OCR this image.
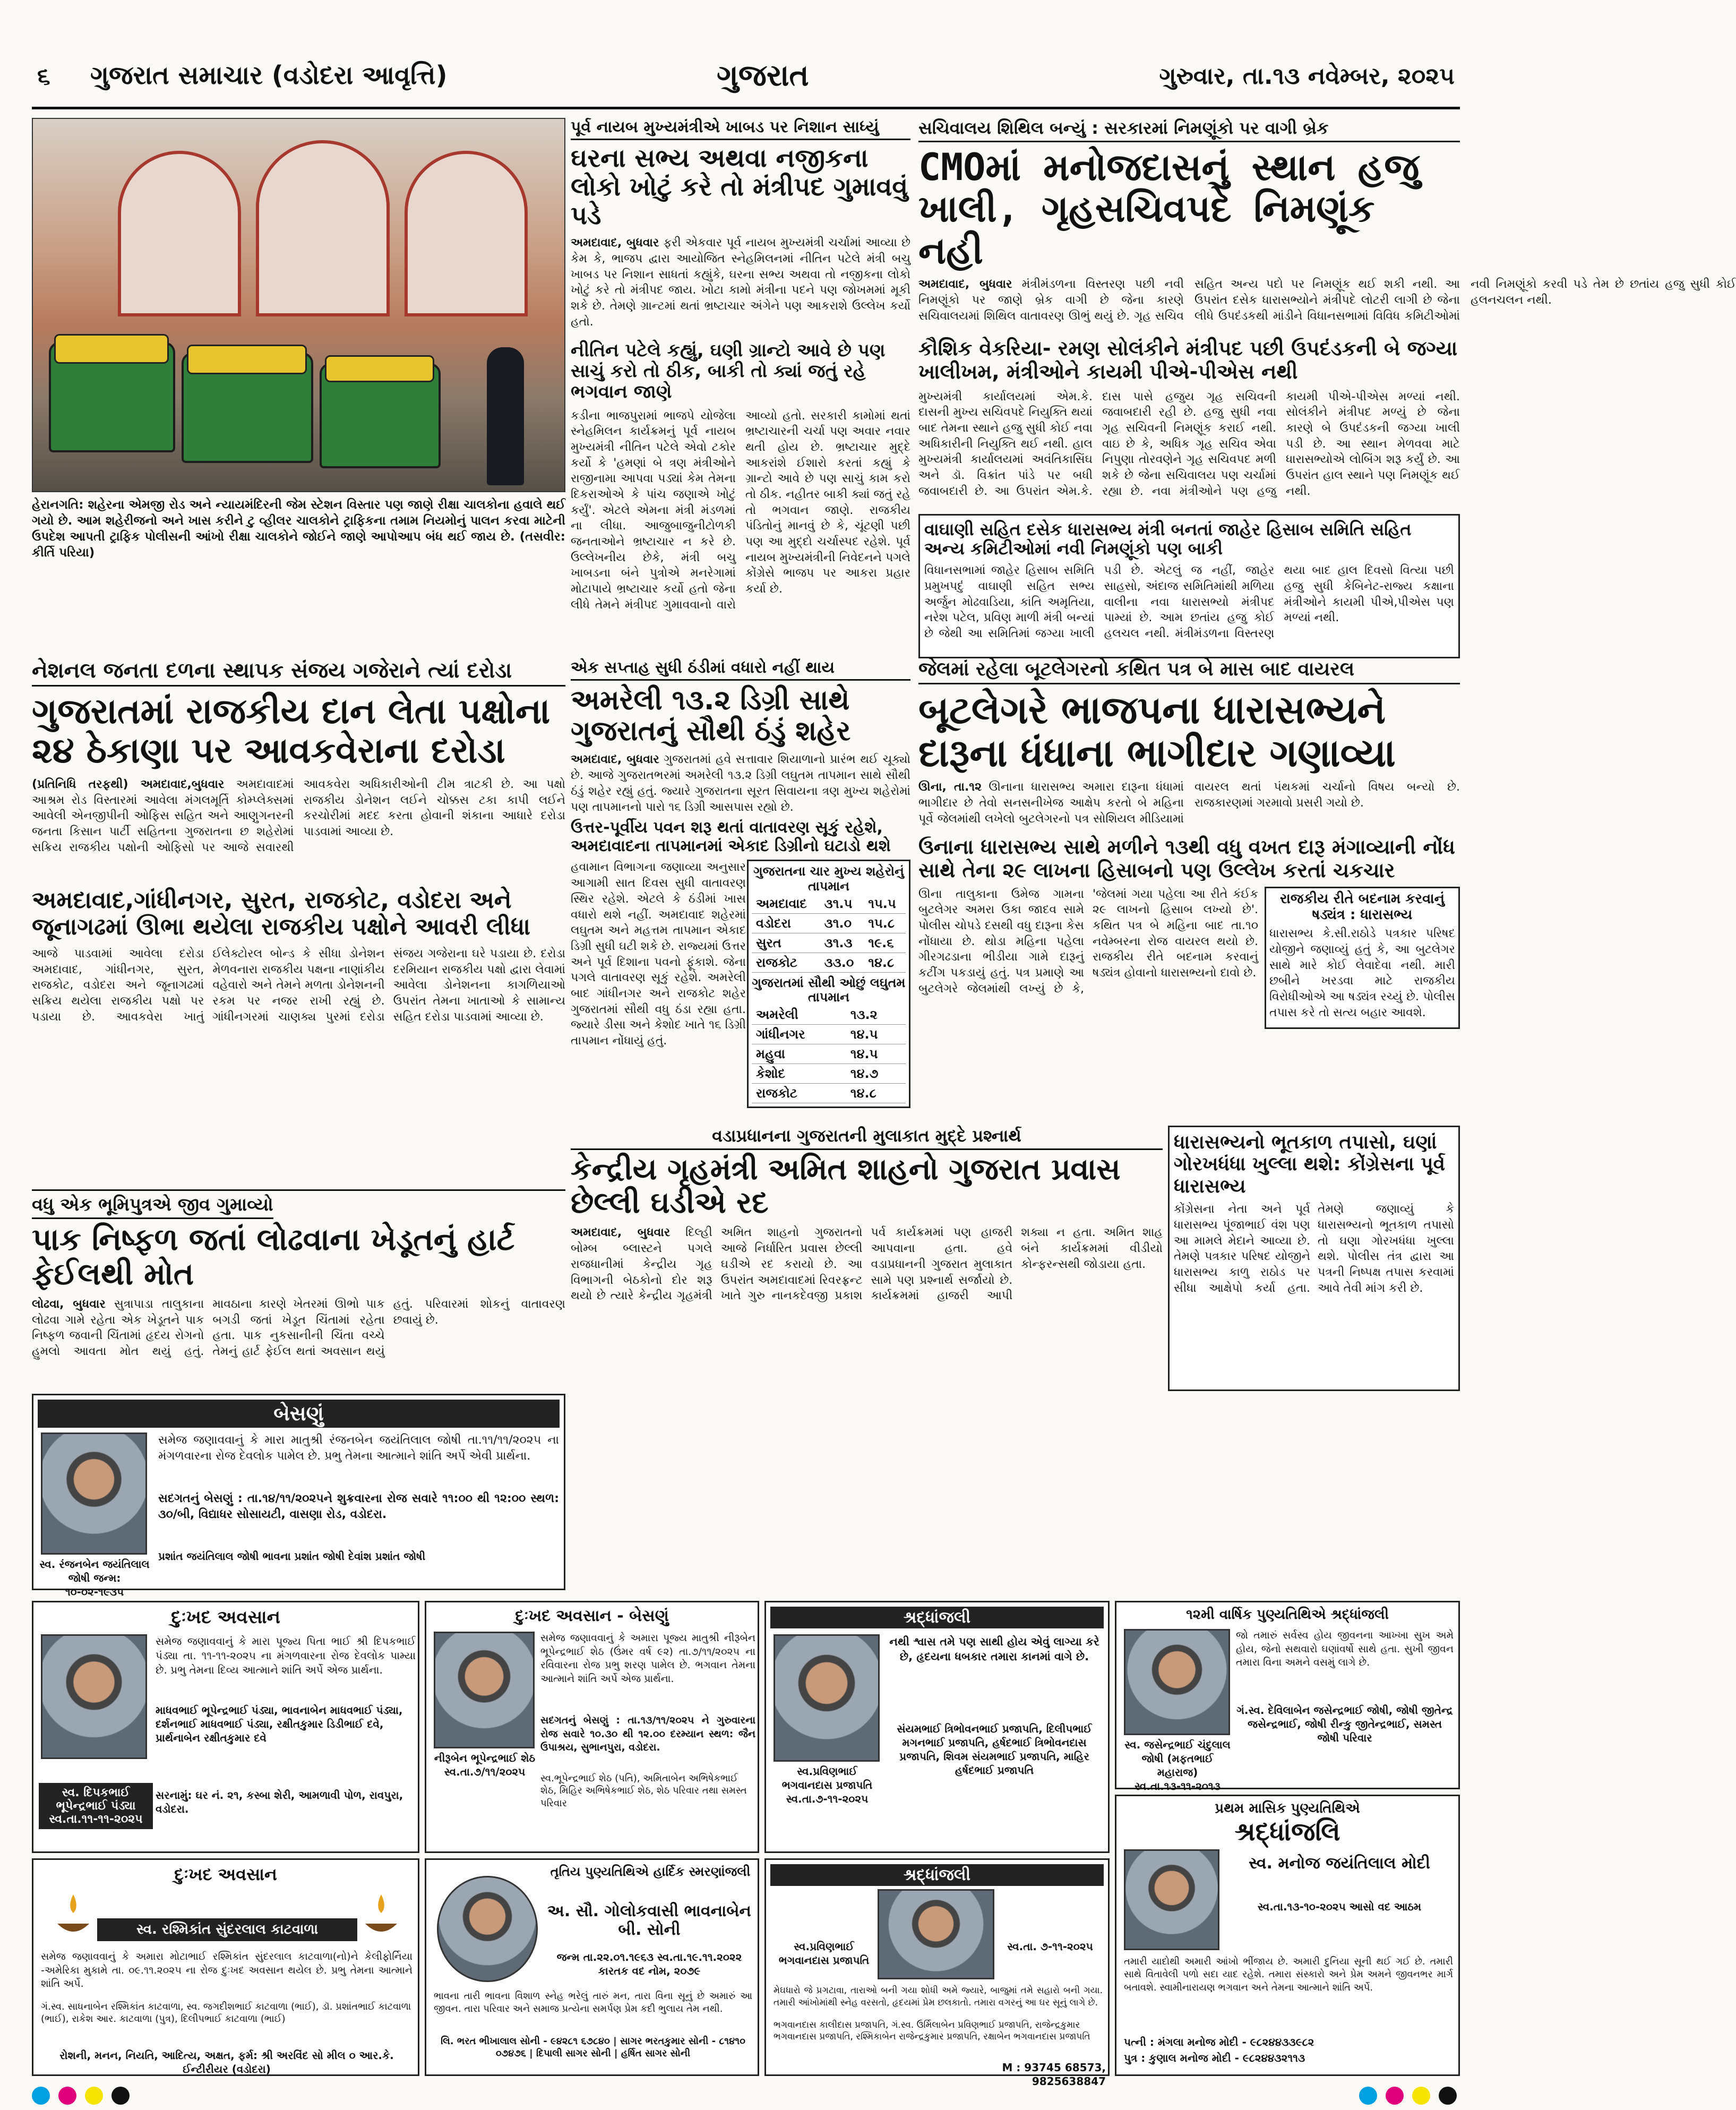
૬ ગુજરાત સમાચાર (વડોદરા આવૃત્તિ)	ગુજરાત	ગુરુવાર, તા.૧૩ નવેમ્બર, ૨૦૨૫
હેરાનગતિ: શહેરના એમજી રોડ અને ન્યાયમંદિરની જેમ સ્ટેશન વિસ્તાર પણ જાણે રીક્ષા ચાલકોના હવાલે થઈ ગયો છે. આમ શહેરીજનો અને ખાસ કરીને ટુ વ્હીલર ચાલકોને ટ્રાફિકના તમામ નિયમોનું પાલન કરવા માટેની ઉપદેશ આપતી ટ્રાફિક પોલીસની આંખો રીક્ષા ચાલકોને જોઈને જાણે આપોઆપ બંધ થઈ જાય છે. (તસવીર: કીર્તિ પરિયા)
પૂર્વ નાયબ મુખ્યમંત્રીએ ખાબડ પર નિશાન સાધ્યું
ઘરના સભ્ય અથવા નજીકના લોકો ખોટું કરે તો મંત્રીપદ ગુમાવવું પડે
અમદાવાદ, બુધવાર ફરી એકવાર પૂર્વ નાયબ મુખ્યમંત્રી ચર્ચામાં આવ્યા છે કેમ કે, ભાજપ દ્વારા આયોજિત સ્નેહમિલનમાં નીતિન પટેલે મંત્રી બચુ ખાબડ પર નિશાન સાધતાં કહ્યુંકે, ઘરના સભ્ય અથવા તો નજીકના લોકો ખોટું કરે તો મંત્રીપદ જાય. ખોટા કામો મંત્રીના પદને પણ જોખમમાં મૂકી શકે છે. તેમણે ગ્રાન્ટમાં થતાં ભ્રષ્ટાચાર અંગેને પણ આકરાશે ઉલ્લેખ કર્યો હતો.
નીતિન પટેલે કહ્યું, ઘણી ગ્રાન્ટો આવે છે પણ સાચું કરો તો ઠીક, બાકી તો ક્યાં જતું રહે ભગવાન જાણે
કડીના ભાજપુરામાં ભાજપે યોજેલા સ્નેહમિલન કાર્યક્રમનું પૂર્વ નાયબ મુખ્યમંત્રી નીતિન પટેલે એવો ટકોર કર્યો કે 'હમણાં બે ત્રણ મંત્રીઓને રાજીનામા આપવા પડ્યાં કેમ તેમના દિકરાઓએ કે પાંચ જણાએ ખોટું કર્યું'. એટલે એમના મંત્રી મંડળમાં ના લીધા. આજુબાજુનીટોળકી જનતાઓને ભ્રષ્ટાચાર ન કરે છે. ઉલ્લેખનીય છેકે, મંત્રી બચુ ખાબડના બંને પુત્રોએ મનરેગામાં મોટાપાયે ભ્રષ્ટાચાર કર્યો હતો જેના લીધે તેમને મંત્રીપદ ગુમાવવાનો વારો આવ્યો હતો. સરકારી કામોમાં થતાં ભ્રષ્ટાચારની ચર્ચા પણ અવાર નવાર થતી હોય છે. ભ્રષ્ટાચાર મુદ્દે આકરાંશે ઈશારો કરતાં કહ્યું કે ગ્રાન્ટો આવે છે પણ સાચું કામ કરો તો ઠીક. નહીતર બાકી ક્યાં જતું રહે તો ભગવાન જાણે. રાજકીય પંડિતોનું માનવું છે કે, ચૂંટણી પછી પણ આ મુદ્દો ચર્ચાસ્પદ રહેશે. પૂર્વ નાયબ મુખ્યમંત્રીની નિવેદનને પગલે કોંગ્રેસે ભાજપ પર આકરા પ્રહાર કર્યા છે.
સચિવાલય શિથિલ બન્યું : સરકારમાં નિમણૂંકો પર વાગી બ્રેક
CMOમાં મનોજદાસનું સ્થાન હજુ ખાલી, ગૃહસચિવપદે નિમણૂંક નહી
અમદાવાદ, બુધવાર મંત્રીમંડળના વિસ્તરણ પછી નવી નિમણૂંકો પર જાણે બ્રેક વાગી છે જેના કારણે સચિવાલયમાં શિથિલ વાતાવરણ ઊભું થયું છે. ગૃહ સચિવ સહિત અન્ય પદો પર નિમણૂંક થઈ શકી નથી. આ ઉપરાંત દસેક ધારાસભ્યોને મંત્રીપદે લોટરી લાગી છે જેના લીધે ઉપદંડકથી માંડીને વિધાનસભામાં વિવિધ કમિટીઓમાં નવી નિમણૂંકો કરવી પડે તેમ છે છતાંય હજુ સુધી કોઈ હલનચલન નથી.
કૌશિક વેકરિયા- રમણ સોલંકીને મંત્રીપદ પછી ઉપદંડકની બે જગ્યા ખાલીખમ, મંત્રીઓને કાયમી પીએ-પીએસ નથી
મુખ્યમંત્રી કાર્યાલયમાં એમ.કે. દાસની મુખ્ય સચિવપદે નિયુક્તિ થયાં બાદ તેમના સ્થાને હજુ સુધી કોઈ નવા અધિકારીની નિયુક્તિ થઈ નથી. હાલ મુખ્યમંત્રી કાર્યાલયમાં અવંતિકાસિંઘ અને ડૉ. વિક્રાંત પાંડે પર બધી જવાબદારી છે. આ ઉપરાંત એમ.કે. દાસ પાસે હજુય ગૃહ સચિવની જવાબદારી રહી છે. હજુ સુધી નવા ગૃહ સચિવની નિમણૂંક કરાઈ નથી. વાઇ છે કે, અધિક ગૃહ સચિવ એવા નિપુણા તોરવણેને ગૃહ સચિવપદ મળી શકે છે જેના સચિવાલય પણ ચર્ચામાં રહ્યા છે. નવા મંત્રીઓને પણ હજુ કાયમી પીએ-પીએસ મળ્યાં નથી. સોલંકીને મંત્રીપદ મળ્યું છે જેના કારણે બે ઉપદંડકની જગ્યા ખાલી પડી છે. આ સ્થાન મેળવવા માટે ધારાસભ્યોએ લોબિંગ શરૂ કર્યું છે. આ ઉપરાંત હાલ સ્થાને પણ નિમણૂંક થઈ નથી.
વાઘાણી સહિત દસેક ધારાસભ્ય મંત્રી બનતાં જાહેર હિસાબ સમિતિ સહિત અન્ય કમિટીઓમાં નવી નિમણૂંકો પણ બાકી
વિધાનસભામાં જાહેર હિસાબ સમિતિ પ્રમુખપદું વાઘાણી સહિત સભ્ય અર્જુન મોઢવાડિયા, કાંતિ અમૃતિયા, નરેશ પટેલ, પ્રવિણ માળી મંત્રી બન્યાં છે જેથી આ સમિતિમાં જગ્યા ખાલી પડી છે. એટલું જ નહીં, જાહેર સાહસો, અંદાજ સમિતિમાંથી મળિયા વાલીના નવા ધારાસભ્યો મંત્રીપદ પામ્યાં છે. આમ છતાંય હજુ કોઈ હલચલ નથી. મંત્રીમંડળના વિસ્તરણ થયા બાદ હાલ દિવસો વિત્યા પછી હજુ સુધી કેબિનેટ-રાજ્ય કક્ષાના મંત્રીઓને કાયમી પીએ,પીએસ પણ મળ્યાં નથી.
નેશનલ જનતા દળના સ્થાપક સંજય ગજેરાને ત્યાં દરોડા
ગુજરાતમાં રાજકીય દાન લેતા પક્ષોના ૨૪ ઠેકાણા પર આવકવેરાના દરોડા
(પ્રતિનિધિ તરફથી) અમદાવાદ,બુધવાર અમદાવાદમાં આશ્રમ રોડ વિસ્તારમાં આવેલા મંગલમૂર્તિ કોમ્પ્લેક્સમાં આવેલી એનજીપીની ઓફિસ સહિત અને આણુગનરની જનતા કિસાન પાર્ટી સહિતના ગુજરાતના છ શહેરોમાં સક્રિય રાજકીય પક્ષોની ઓફિસો પર આજે સવારથી આવકવેરા અધિકારીઓની ટીમ ત્રાટકી છે. આ પક્ષો રાજકીય ડોનેશન લઈને ચોક્કસ ટકા કાપી લઈને કરચોરીમાં મદદ કરતા હોવાની શંકાના આધારે દરોડા પાડવામાં આવ્યા છે.
અમદાવાદ,ગાંધીનગર, સુરત, રાજકોટ, વડોદરા અને જૂનાગઢમાં ઊભા થયેલા રાજકીય પક્ષોને આવરી લીધા
આજે પાડવામાં આવેલા દરોડા અમદાવાદ, ગાંધીનગર, સુરત, રાજકોટ, વડોદરા અને જૂનાગઢમાં સક્રિય થયેલા રાજકીય પક્ષો પર પડાયા છે. આવકવેરા ખાતું ઈલેક્ટોરલ બોન્ડ કે સીધા ડોનેશન મેળવનારા રાજકીય પક્ષના નાણાંકીય વહેવારો અને તેમને મળતા ડોનેશનની રકમ પર નજર રાખી રહ્યું છે. ગાંધીનગરમાં ચાણક્ય પુરમાં દરોડા સંજય ગજેરાના ઘરે પડાયા છે. દરોડા દરમિયાન રાજકીય પક્ષો દ્વારા લેવામાં આવેલા ડોનેશનના કાગળિયાઓ ઉપરાંત તેમના ખાતાઓ કે સામાન્ય સહિત દરોડા પાડવામાં આવ્યા છે.
વધુ એક ભૂમિપુત્રએ જીવ ગુમાવ્યો
પાક નિષ્ફળ જતાં લોઢવાના ખેડૂતનું હાર્ટ ફેઈલથી મોત
લોઢવા, બુધવાર સુત્રાપાડા તાલુકાના લોઢવા ગામે રહેતા એક ખેડૂતને પાક નિષ્ફળ જવાની ચિંતામાં હૃદય રોગનો હુમલો આવતા મોત થયું હતું. માવઠાના કારણે ખેતરમાં ઊભો પાક બગડી જતાં ખેડૂત ચિંતામાં રહેતા હતા. પાક નુકસાનીની ચિંતા વચ્ચે તેમનું હાર્ટ ફેઈલ થતાં અવસાન થયું હતું. પરિવારમાં શોકનું વાતાવરણ છવાયું છે.
એક સપ્તાહ સુધી ઠંડીમાં વધારો નહીં થાય
અમરેલી ૧૩.૨ ડિગ્રી સાથે ગુજરાતનું સૌથી ઠંડું શહેર
અમદાવાદ, બુધવાર ગુજરાતમાં હવે સત્તાવાર શિયાળાનો પ્રારંભ થઈ ચૂક્યો છે. આજે ગુજરાતભરમાં અમરેલી ૧૩.૨ ડિગ્રી લઘુતમ તાપમાન સાથે સૌથી ઠંડું શહેર રહ્યું હતું. જ્યારે ગુજરાતના સૂરત સિવાયના ત્રણ મુખ્ય શહેરોમાં પણ તાપમાનનો પારો ૧૬ ડિગ્રી આસપાસ રહ્યો છે.
ઉત્તર-પૂર્વીય પવન શરૂ થતાં વાતાવરણ સૂકું રહેશે, અમદાવાદના તાપમાનમાં એકાદ ડિગ્રીનો ઘટાડો થશે
હવામાન વિભાગના જણાવ્યા અનુસાર આગામી સાત દિવસ સુધી વાતાવરણ સ્થિર રહેશે. એટલે કે ઠંડીમાં ખાસ વધારો થશે નહીં. અમદાવાદ શહેરમાં લઘુતમ અને મહત્તમ તાપમાન એકાદ ડિગ્રી સુધી ઘટી શકે છે. રાજ્યમાં ઉત્તર અને પૂર્વ દિશાના પવનો ફૂંકાશે. જેના પગલે વાતાવરણ સૂકું રહેશે. અમરેલી બાદ ગાંધીનગર અને રાજકોટ શહેર ગુજરાતમાં સૌથી વધુ ઠંડા રહ્યા હતા. જ્યારે ડીસા અને કેશોદ ખાતે ૧૬ ડિગ્રી તાપમાન નોંધાયું હતું.
ગુજરાતના ચાર મુખ્ય શહેરોનું તાપમાન
અમદાવાદ	૩૧.૫	૧૫.૫
વડોદરા	૩૧.૦	૧૫.૮
સુરત	૩૧.૩	૧૯.૬
રાજકોટ	૩૩.૦	૧૪.૮
ગુજરાતમાં સૌથી ઓછું લઘુતમ તાપમાન
અમરેલી	૧૩.૨
ગાંધીનગર	૧૪.૫
મહુવા	૧૪.૫
કેશોદ	૧૪.૭
રાજકોટ	૧૪.૮
જેલમાં રહેલા બૂટલેગરનો કથિત પત્ર બે માસ બાદ વાયરલ
બૂટલેગરે ભાજપના ધારાસભ્યને દારૂના ધંધાના ભાગીદાર ગણાવ્યા
ઊના, તા.૧૨ ઊનાના ધારાસભ્ય અમારા દારૂના ધંધામાં ભાગીદાર છે તેવો સનસનીખેજ આક્ષેપ કરતો બે મહિના પૂર્વે જેલમાંથી લખેલો બુટલેગરનો પત્ર સોશિયલ મીડિયામાં વાયરલ થતાં પંથકમાં ચર્ચાનો વિષય બન્યો છે. રાજકારણમાં ગરમાવો પ્રસરી ગયો છે.
ઉનાના ધારાસભ્ય સાથે મળીને ૧૩થી વધુ વખત દારૂ મંગાવ્યાની નોંધ સાથે તેના ૨૯ લાખના હિસાબનો પણ ઉલ્લેખ કરતાં ચકચાર
ઊના તાલુકાના ઉમેજ ગામના બુટલેગર અમરા ઉકા જાદવ સામે પોલીસ ચોપડે દસથી વધુ દારૂના કેસ નોંધાયા છે. થોડા મહિના પહેલા ગીરગઢડાના ભીડીયા ગામે દારૂનું કટીંગ પકડાયું હતું. પત્ર પ્રમાણે આ બુટલેગરે જેલમાંથી લખ્યું છે કે, 'જેલમાં ગયા પહેલા આ રીતે કંઈક ૨૯ લાખનો હિસાબ લખ્યો છે'. કથિત પત્ર બે મહિના બાદ તા.૧૦ નવેમ્બરના રોજ વાયરલ થયો છે. રાજકીય રીતે બદનામ કરવાનું ષડ્યંત્ર હોવાનો ધારાસભ્યનો દાવો છે.
રાજકીય રીતે બદનામ કરવાનું ષડ્યંત્ર : ધારાસભ્ય
ધારાસભ્ય કે.સી.રાઠોડે પત્રકાર પરિષદ યોજીને જણાવ્યું હતું કે, આ બુટલેગર સાથે મારે કોઈ લેવાદેવા નથી. મારી છબીને ખરડવા માટે રાજકીય વિરોધીઓએ આ ષડ્યંત્ર રચ્યું છે. પોલીસ તપાસ કરે તો સત્ય બહાર આવશે.
વડાપ્રધાનના ગુજરાતની મુલાકાત મુદ્દે પ્રશ્નાર્થ
કેન્દ્રીય ગૃહમંત્રી અમિત શાહનો ગુજરાત પ્રવાસ છેલ્લી ઘડીએ રદ
અમદાવાદ, બુધવાર દિલ્હી બોમ્બ બ્લાસ્ટને પગલે રાજધાનીમાં કેન્દ્રીય ગૃહ વિભાગની બેઠકોનો દોર શરૂ થયો છે ત્યારે કેન્દ્રીય ગૃહમંત્રી અમિત શાહનો ગુજરાતનો આજે નિર્ધારિત પ્રવાસ છેલ્લી ઘડીએ રદ કરાયો છે. આ ઉપરાંત અમદાવાદમાં રિવરફ્રન્ટ ખાતે ગુરુ નાનકદેવજી પ્રકાશ પર્વ કાર્યક્રમમાં પણ હાજરી આપવાના હતા. હવે વડાપ્રધાનની ગુજરાત મુલાકાત સામે પણ પ્રશ્નાર્થ સર્જાયો છે. કાર્યક્રમમાં હાજરી આપી શક્યા ન હતા. અમિત શાહ બંને કાર્યક્રમમાં વીડીયો કોન્ફરન્સથી જોડાયા હતા.
ધારાસભ્યનો ભૂતકાળ તપાસો, ઘણાં ગોરખધંધા ખુલ્લા થશે: કોંગ્રેસના પૂર્વ ધારાસભ્ય
કોંગ્રેસના નેતા અને પૂર્વ ધારાસભ્ય પૂંજાભાઈ વંશ પણ આ મામલે મેદાને આવ્યા છે. તેમણે પત્રકાર પરિષદ યોજીને ધારાસભ્ય કાળુ રાઠોડ પર સીધા આક્ષેપો કર્યા હતા. તેમણે જણાવ્યું કે ધારાસભ્યનો ભૂતકાળ તપાસો તો ઘણા ગોરખધંધા ખુલ્લા થશે. પોલીસ તંત્ર દ્વારા આ પત્રની નિષ્પક્ષ તપાસ કરવામાં આવે તેવી માંગ કરી છે.
બેસણું
સ્વ. રંજનબેન જયંતિલાલ જોષી જન્મ: ૧૦-૦૨-૧૯૩૫
સમેજ જણાવવાનું કે મારા માતુશ્રી રંજનબેન જયંતિલાલ જોષી તા.૧૧/૧૧/૨૦૨૫ ના મંગળવારના રોજ દેવલોક પામેલ છે. પ્રભુ તેમના આત્માને શાંતિ અર્પે એવી પ્રાર્થના.
સદગતનું બેસણું : તા.૧૪/૧૧/૨૦૨૫ને શુક્રવારના રોજ સવારે ૧૧:૦૦ થી ૧૨:૦૦ સ્થળ: ૩૦/બી, વિદ્યાધર સોસાયટી, વાસણા રોડ, વડોદરા.
પ્રશાંત જયંતિલાલ જોષી ભાવના પ્રશાંત જોષી દેવાંશ પ્રશાંત જોષી
દુઃખદ અવસાન
સમેજ જણાવવાનું કે મારા પૂજ્ય પિતા ભાઈ શ્રી દિપકભાઈ પંડ્યા તા. ૧૧-૧૧-૨૦૨૫ ના મંગળવારના રોજ દેવલોક પામ્યા છે. પ્રભુ તેમના દિવ્ય આત્માને શાંતિ અર્પે એજ પ્રાર્થના.
માધવભાઈ ભૂપેન્દ્રભાઈ પંડ્યા, ભાવનાબેન માધવભાઈ પંડ્યા, દર્શનભાઈ માધવભાઈ પંડ્યા, રક્ષીતકુમાર ડિડીભાઈ દવે, પ્રાર્થનાબેન રક્ષીતકુમાર દવે
સ્વ. દિપકભાઈ ભૂપેન્દ્રભાઈ પંડ્યા સ્વ.તા.૧૧-૧૧-૨૦૨૫
સરનામું: ઘર નં. ૨૧, કસ્બા શેરી, આમળાવી પોળ, રાવપુરા, વડોદરા.
દુઃખદ અવસાન - બેસણું
સમેજ જણાવવાનું કે અમારા પૂજ્ય માતુશ્રી નીરૂબેન ભૂપેન્દ્રભાઈ શેઠ (ઉંમર વર્ષ ૯૨) તા.૭/૧૧/૨૦૨૫ ના રવિવારના રોજ પ્રભુ શરણ પામેલ છે. ભગવાન તેમના આત્માને શાંતિ અર્પે એજ પ્રાર્થના.
સદગતનું બેસણું : તા.૧૩/૧૧/૨૦૨૫ ને ગુરુવારના રોજ સવારે ૧૦.૩૦ થી ૧૨.૦૦ દરમ્યાન સ્થળ: જૈન ઉપાશ્રય, સુભાનપુરા, વડોદરા.
નીરૂબેન ભૂપેન્દ્રભાઈ શેઠ સ્વ.તા.૭/૧૧/૨૦૨૫
સ્વ.ભૂપેન્દ્રભાઈ શેઠ (પતિ), અમિતાબેન અભિષેકભાઈ શેઠ, મિહિર અભિષેકભાઈ શેઠ, શેઠ પરિવાર તથા સમસ્ત પરિવાર
શ્રદ્ધાંજલી
નથી શ્વાસ તમે પણ સાથી હોય એવું લાગ્યા કરે છે, હૃદયના ધબકાર તમારા કાનમાં વાગે છે.
સ્વ.પ્રવિણભાઈ ભગવાનદાસ પ્રજાપતિ સ્વ.તા.૭-૧૧-૨૦૨૫
સંયમભાઈ ત્રિભોવનભાઈ પ્રજાપતિ, દિલીપભાઈ મગનભાઈ પ્રજાપતિ, હર્ષદભાઈ ત્રિભોવનદાસ પ્રજાપતિ, શિવમ સંયમભાઈ પ્રજાપતિ, માહિર હર્ષદભાઈ પ્રજાપતિ
૧૨મી વાર્ષિક પુણ્યતિથિએ શ્રદ્ધાંજલી
સ્વ. જસેન્દ્રભાઈ ચંદુલાલ જોષી (મફતભાઈ મહારાજ) સ્વ.તા.૧૩-૧૧-૨૦૧૩
જો તમારું સર્વસ્વ હોય જીવનના આખ્ખા સુખ અમે હોય, જેનો સથવારો ઘણાંવર્ષો સાથે હતા. સુખી જીવન તમારા વિના અમને વસમું લાગે છે.
ગં.સ્વ. દેવિલાબેન જસેન્દ્રભાઈ જોષી, જોષી જીતેન્દ્ર જસેન્દ્રભાઈ, જોષી રીન્કુ જીતેન્દ્રભાઈ, સમસ્ત જોષી પરિવાર
દુઃખદ અવસાન
સ્વ. રશ્મિકાંત સુંદરલાલ કાટવાળા
સમેજ જણાવવાનું કે અમારા મોટાભાઈ રશ્મિકાંત સુંદરલાલ કાટવાળા(નો)ને કેલીફોર્નિયા -અમેરિકા મુકામે તા. ૦૯.૧૧.૨૦૨૫ ના રોજ દુઃખદ અવસાન થયેલ છે. પ્રભુ તેમના આત્માને શાંતિ અર્પે.
ગં.સ્વ. સાધનાબેન રશ્મિકાંત કાટવાળા, સ્વ. જગદીશભાઈ કાટવાળા (ભાઈ), ડૉ. પ્રશાંતભાઈ કાટવાળા (ભાઈ), રાકેશ આર. કાટવાળા (પુત્ર), દિલીપભાઈ કાટવાળા (ભાઈ)
રોશની, મનન, નિયતિ, આદિત્ય, અક્ષત, ફર્મ: શ્રી અરવિંદ સો મીલ ૦ આર.કે. ઈન્ટીરીયર (વડોદરા)
તૃતિય પુણ્યતિથિએ હાર્દિક સ્મરણાંજલી
અ. સૌ. ગોલોકવાસી ભાવનાબેન બી. સોની
જન્મ તા.૨૨.૦૧.૧૯૬૩ સ્વ.તા.૧૯.૧૧.૨૦૨૨ કારતક વદ નોમ, ૨૦૭૯
ભાવના તારી ભાવના વિશાળ સ્નેહ ભરેલું તારું મન, તારા વિના સૂનું છે અમારું આ જીવન. તારા પરિવાર અને સમાજ પ્રત્યેના સમર્પણ પ્રેમ કદી ભુલાય તેમ નથી.
લિ. ભરત ભીખાલાલ સોની - ૯૪૨૮૧ ૬૭૮૪૦ | સાગર ભરતકુમાર સોની - ૮૧૪૧૦ ૦૭૪૭૬ | દિપાલી સાગર સોની | હર્ષિત સાગર સોની
શ્રદ્ધાંજલી
સ્વ.પ્રવિણભાઈ ભગવાનદાસ પ્રજાપતિ
સ્વ.તા. ૭-૧૧-૨૦૨૫
મેઘધારો જે પ્રગટાવા, તારાઓ બની ગયા શોધી અમે જ્યારે, બાજુમાં તમે સહારો બની ગયા. તમારી આંખોમાંથી સ્નેહ વરસતો, હૃદયમાં પ્રેમ છલકાતો. તમારા વગરનું આ ઘર સૂનું લાગે છે.
ભગવાનદાસ કાલીદાસ પ્રજાપતિ, ગં.સ્વ. ઉર્મિલાબેન પ્રવિણભાઈ પ્રજાપતિ, રાજેન્દ્રકુમાર ભગવાનદાસ પ્રજાપતિ, રશ્મિકાબેન રાજેન્દ્રકુમાર પ્રજાપતિ, રક્ષાબેન ભગવાનદાસ પ્રજાપતિ
M : 93745 68573, 9825638847
પ્રથમ માસિક પુણ્યતિથિએ
શ્રદ્ધાંજલિ
સ્વ. મનોજ જયંતિલાલ મોદી
સ્વ.તા.૧૩-૧૦-૨૦૨૫ આસો વદ આઠમ
તમારી યાદોથી અમારી આંખો ભીંજાય છે. અમારી દુનિયા સૂની થઈ ગઈ છે. તમારી સાથે વિતાવેલી પળો સદા યાદ રહેશે. તમારા સંસ્કારો અને પ્રેમ અમને જીવનભર માર્ગ બતાવશે. સ્વામીનારાયણ ભગવાન અને તેમના આત્માને શાંતિ અર્પે.
પત્ની : મંગલા મનોજ મોદી - ૯૮૨૪૪૩૩૯૮૨
પુત્ર : કુણાલ મનોજ મોદી - ૯૮૨૪૪૩૨૧૧૩
